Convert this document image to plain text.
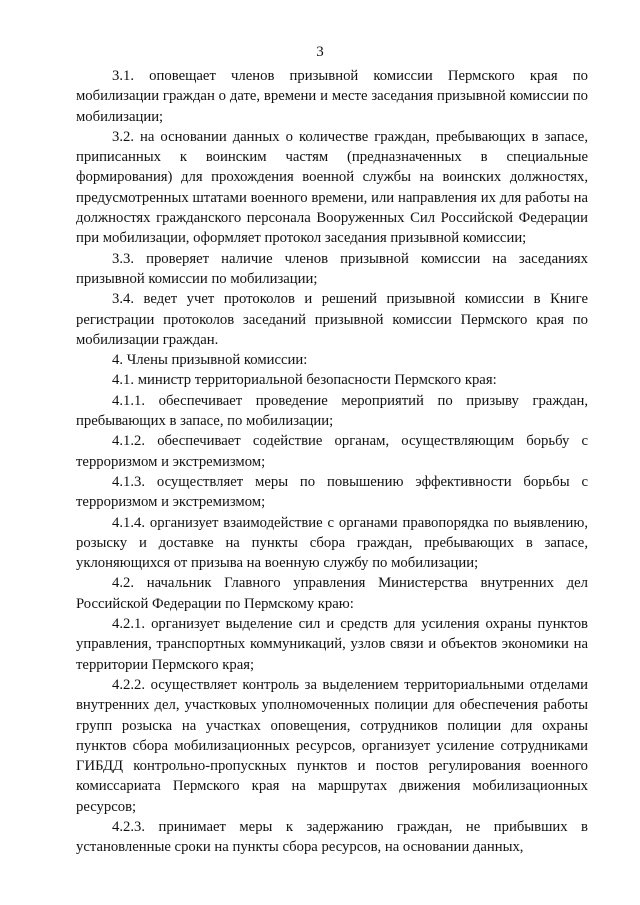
3

3.1. оповещает членов призывной комиссии Пермского края по мобилизации граждан о дате, времени и месте заседания призывной комиссии по мобилизации;

3.2. на основании данных о количестве граждан, пребывающих в запасе, приписанных к воинским частям (предназначенных в специальные формирования) для прохождения военной службы на воинских должностях, предусмотренных штатами военного времени, или направления их для работы на должностях гражданского персонала Вооруженных Сил Российской Федерации при мобилизации, оформляет протокол заседания призывной комиссии;

3.3. проверяет наличие членов призывной комиссии на заседаниях призывной комиссии по мобилизации;

3.4. ведет учет протоколов и решений призывной комиссии в Книге регистрации протоколов заседаний призывной комиссии Пермского края по мобилизации граждан.

4. Члены призывной комиссии:

4.1. министр территориальной безопасности Пермского края:

4.1.1. обеспечивает проведение мероприятий по призыву граждан, пребывающих в запасе, по мобилизации;

4.1.2. обеспечивает содействие органам, осуществляющим борьбу с терроризмом и экстремизмом;

4.1.3. осуществляет меры по повышению эффективности борьбы с терроризмом и экстремизмом;

4.1.4. организует взаимодействие с органами правопорядка по выявлению, розыску и доставке на пункты сбора граждан, пребывающих в запасе, уклоняющихся от призыва на военную службу по мобилизации;

4.2. начальник Главного управления Министерства внутренних дел Российской Федерации по Пермскому краю:

4.2.1. организует выделение сил и средств для усиления охраны пунктов управления, транспортных коммуникаций, узлов связи и объектов экономики на территории Пермского края;

4.2.2. осуществляет контроль за выделением территориальными отделами внутренних дел, участковых уполномоченных полиции для обеспечения работы групп розыска на участках оповещения, сотрудников полиции для охраны пунктов сбора мобилизационных ресурсов, организует усиление сотрудниками ГИБДД контрольно-пропускных пунктов и постов регулирования военного комиссариата Пермского края на маршрутах движения мобилизационных ресурсов;

4.2.3. принимает меры к задержанию граждан, не прибывших в установленные сроки на пункты сбора ресурсов, на основании данных,
